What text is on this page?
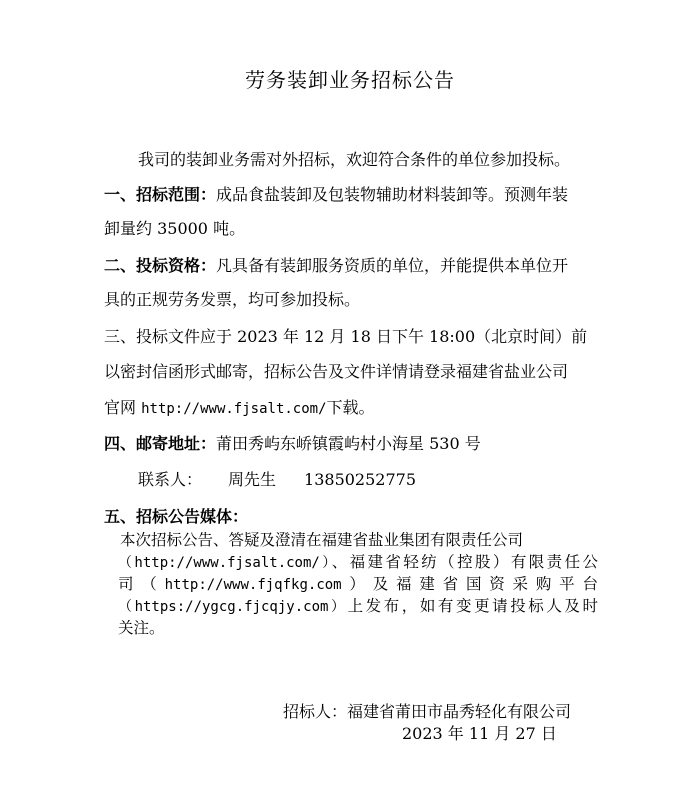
劳务装卸业务招标公告
我司的装卸业务需对外招标，欢迎符合条件的单位参加投标。
一、招标范围：成品食盐装卸及包装物辅助材料装卸等。预测年装
卸量约 35000 吨。
二、投标资格：凡具备有装卸服务资质的单位，并能提供本单位开
具的正规劳务发票，均可参加投标。
三、投标文件应于 2023 年 12 月 18 日下午 18:00（北京时间）前
以密封信函形式邮寄，招标公告及文件详情请登录福建省盐业公司
官网 http://www.fjsalt.com/下载。
四、邮寄地址：莆田秀屿东峤镇霞屿村小海星 530 号
联系人： 周先生 13850252775
五、招标公告媒体：
本次招标公告、答疑及澄清在福建省盐业集团有限责任公司
（http://www.fjsalt.com/）、福建省轻纺（控股）有限责任公
司（http://www.fjqfkg.com）及福建省国资采购平台
（https://ygcg.fjcqjy.com）上发布，如有变更请投标人及时
关注。
招标人：福建省莆田市晶秀轻化有限公司
2023 年 11 月 27 日
